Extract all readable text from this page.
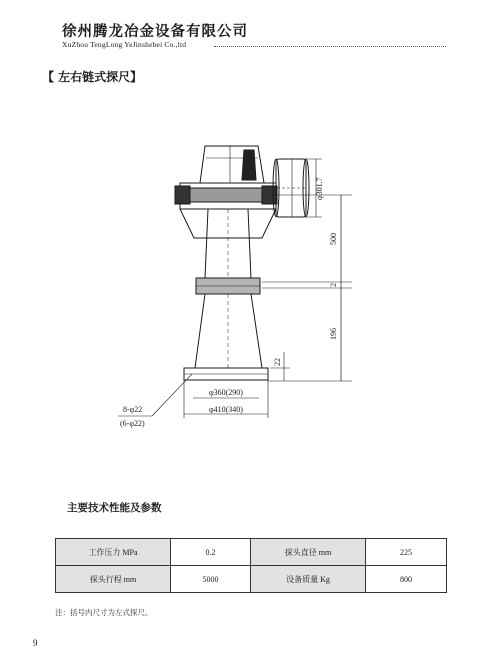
徐州腾龙冶金设备有限公司
XuZhou TengLong YeJinshebei Co.,ltd
【 左右链式探尺】
φ301.7
500
2
196
22
φ360(290)
φ410(340)
8-φ22
(6-φ22)
主要技术性能及参数
工作压力 MPa	0.2	探头直径 mm	225
探头行程 mm	5000	设备质量 Kg	800
注：括号内尺寸为左式探尺。
9
